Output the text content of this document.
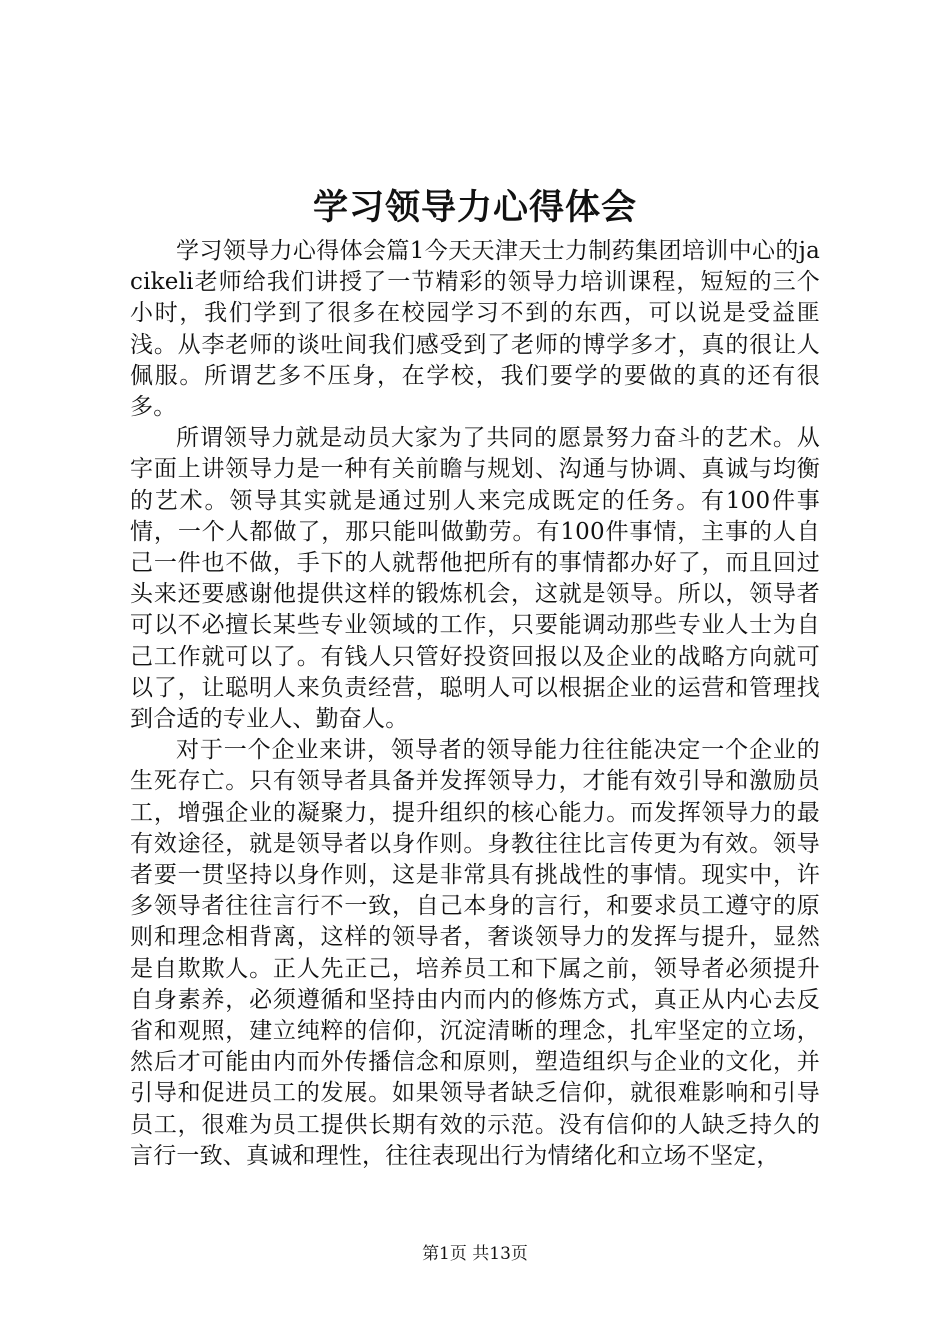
学习领导力心得体会

学习领导力心得体会篇1今天天津天士力制药集团培训中心的jacikeli老师给我们讲授了一节精彩的领导力培训课程，短短的三个小时，我们学到了很多在校园学习不到的东西，可以说是受益匪浅。从李老师的谈吐间我们感受到了老师的博学多才，真的很让人佩服。所谓艺多不压身，在学校，我们要学的要做的真的还有很多。

所谓领导力就是动员大家为了共同的愿景努力奋斗的艺术。从字面上讲领导力是一种有关前瞻与规划、沟通与协调、真诚与均衡的艺术。领导其实就是通过别人来完成既定的任务。有100件事情，一个人都做了，那只能叫做勤劳。有100件事情，主事的人自己一件也不做，手下的人就帮他把所有的事情都办好了，而且回过头来还要感谢他提供这样的锻炼机会，这就是领导。所以，领导者可以不必擅长某些专业领域的工作，只要能调动那些专业人士为自己工作就可以了。有钱人只管好投资回报以及企业的战略方向就可以了，让聪明人来负责经营，聪明人可以根据企业的运营和管理找到合适的专业人、勤奋人。

对于一个企业来讲，领导者的领导能力往往能决定一个企业的生死存亡。只有领导者具备并发挥领导力，才能有效引导和激励员工，增强企业的凝聚力，提升组织的核心能力。而发挥领导力的最有效途径，就是领导者以身作则。身教往往比言传更为有效。领导者要一贯坚持以身作则，这是非常具有挑战性的事情。现实中，许多领导者往往言行不一致，自己本身的言行，和要求员工遵守的原则和理念相背离，这样的领导者，奢谈领导力的发挥与提升，显然是自欺欺人。正人先正己，培养员工和下属之前，领导者必须提升自身素养，必须遵循和坚持由内而内的修炼方式，真正从内心去反省和观照，建立纯粹的信仰，沉淀清晰的理念，扎牢坚定的立场，然后才可能由内而外传播信念和原则，塑造组织与企业的文化，并引导和促进员工的发展。如果领导者缺乏信仰，就很难影响和引导员工，很难为员工提供长期有效的示范。没有信仰的人缺乏持久的言行一致、真诚和理性，往往表现出行为情绪化和立场不坚定，

第1页 共13页
